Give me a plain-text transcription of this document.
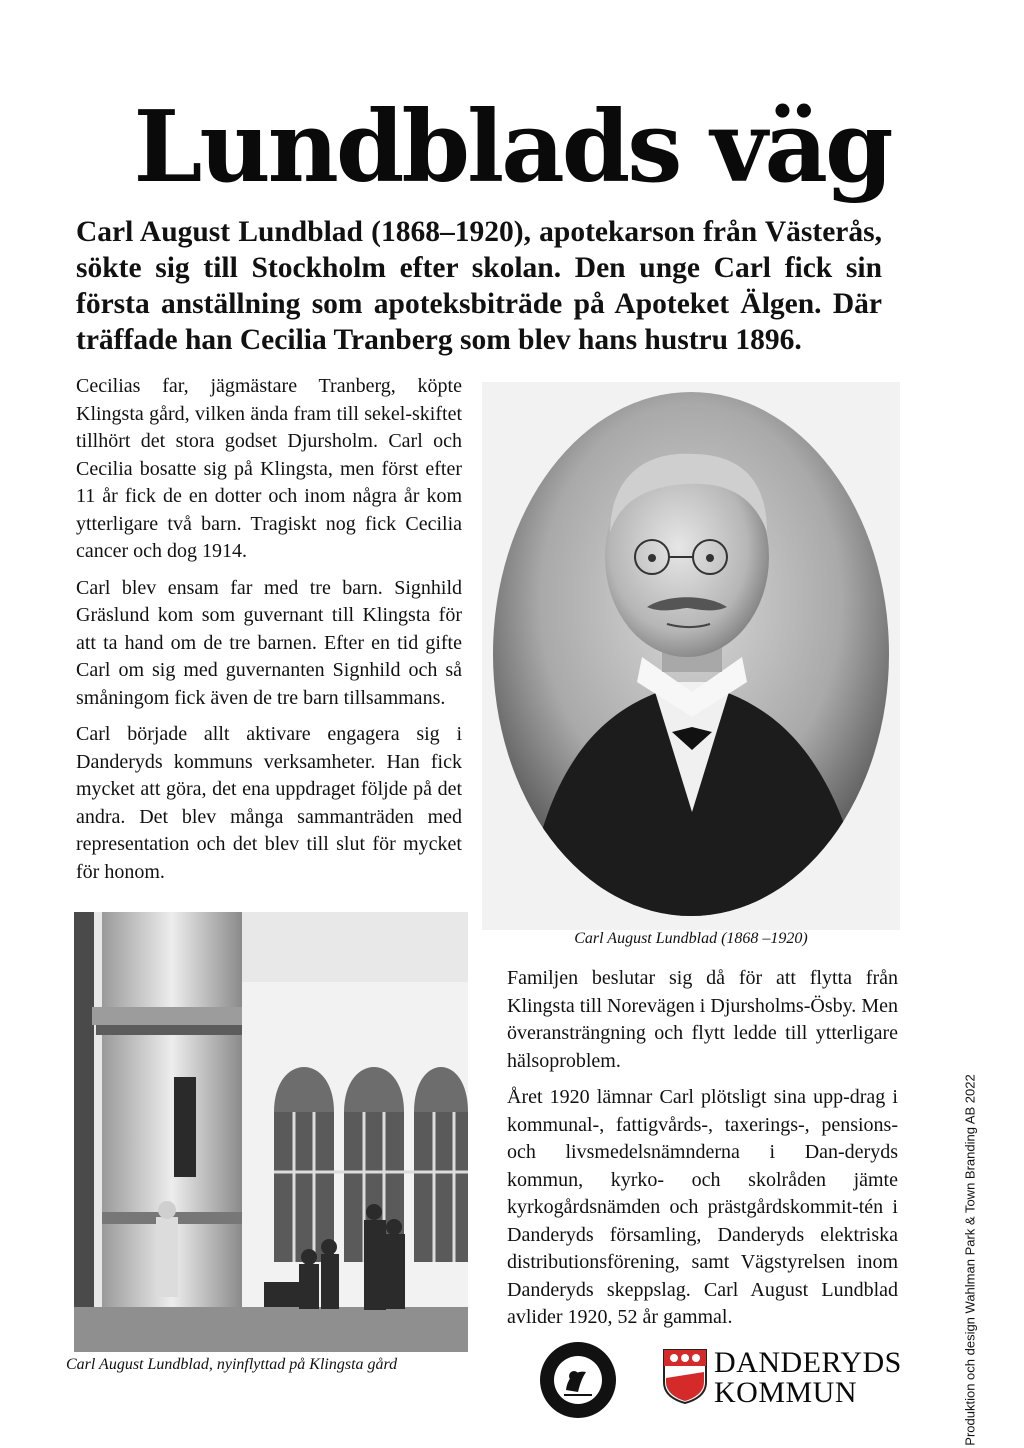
Lundblads väg

Carl August Lundblad (1868–1920), apotekarson från Västerås, sökte sig till Stockholm efter skolan. Den unge Carl fick sin första anställning som apoteksbiträde på Apoteket Älgen. Där träffade han Cecilia Tranberg som blev hans hustru 1896.

Cecilias far, jägmästare Tranberg, köpte Klingsta gård, vilken ända fram till sekel-skiftet tillhört det stora godset Djursholm. Carl och Cecilia bosatte sig på Klingsta, men först efter 11 år fick de en dotter och inom några år kom ytterligare två barn. Tragiskt nog fick Cecilia cancer och dog 1914.

Carl blev ensam far med tre barn. Signhild Gräslund kom som guvernant till Klingsta för att ta hand om de tre barnen. Efter en tid gifte Carl om sig med guvernanten Signhild och så småningom fick även de tre barn tillsammans.

Carl började allt aktivare engagera sig i Danderyds kommuns verksamheter. Han fick mycket att göra, det ena uppdraget följde på det andra. Det blev många sammanträden med representation och det blev till slut för mycket för honom.

Carl August Lundblad (1868 –1920)
Carl August Lundblad, nyinflyttad på Klingsta gård

Familjen beslutar sig då för att flytta från Klingsta till Norevägen i Djursholms-Ösby. Men överansträngning och flytt ledde till ytterligare hälsoproblem.

Året 1920 lämnar Carl plötsligt sina upp-drag i kommunal-, fattigvårds-, taxerings-, pensions- och livsmedelsnämnderna i Dan-deryds kommun, kyrko- och skolråden jämte kyrkogårdsnämden och prästgårdskommit-tén i Danderyds församling, Danderyds elektriska distributionsförening, samt Vägstyrelsen inom Danderyds skeppslag. Carl August Lundblad avlider 1920, 52 år gammal.	Produktion och design Wahlman Park & Town Branding AB 2022
DANDERYDS
KOMMUN
